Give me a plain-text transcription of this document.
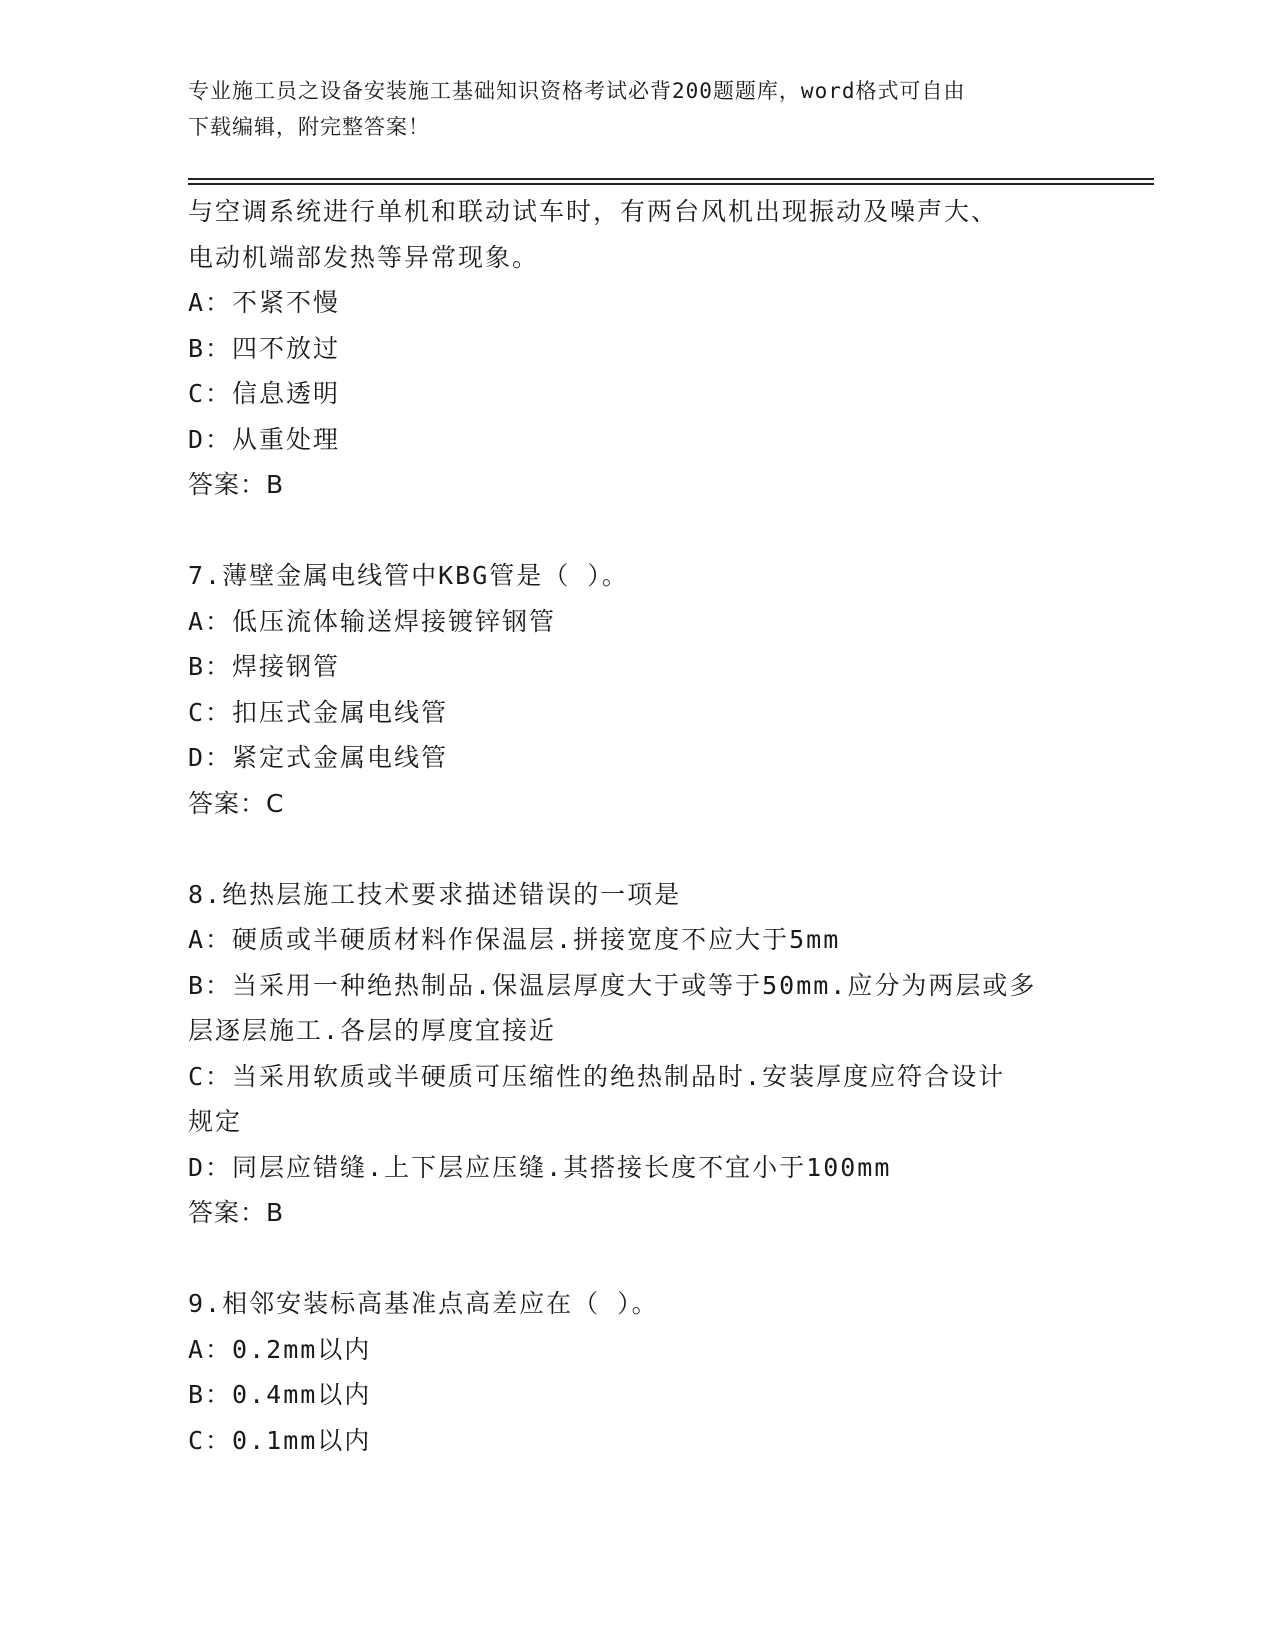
专业施工员之设备安装施工基础知识资格考试必背200题题库，word格式可自由
下载编辑，附完整答案！
与空调系统进行单机和联动试车时，有两台风机出现振动及噪声大、
电动机端部发热等异常现象。
A：不紧不慢
B：四不放过
C：信息透明
D：从重处理
答案：B
7.薄壁金属电线管中KBG管是（ ）。
A：低压流体输送焊接镀锌钢管
B：焊接钢管
C：扣压式金属电线管
D：紧定式金属电线管
答案：C
8.绝热层施工技术要求描述错误的一项是
A：硬质或半硬质材料作保温层.拼接宽度不应大于5mm
B：当采用一种绝热制品.保温层厚度大于或等于50mm.应分为两层或多
层逐层施工.各层的厚度宜接近
C：当采用软质或半硬质可压缩性的绝热制品时.安装厚度应符合设计
规定
D：同层应错缝.上下层应压缝.其搭接长度不宜小于100mm
答案：B
9.相邻安装标高基准点高差应在（ ）。
A：0.2mm以内
B：0.4mm以内
C：0.1mm以内
